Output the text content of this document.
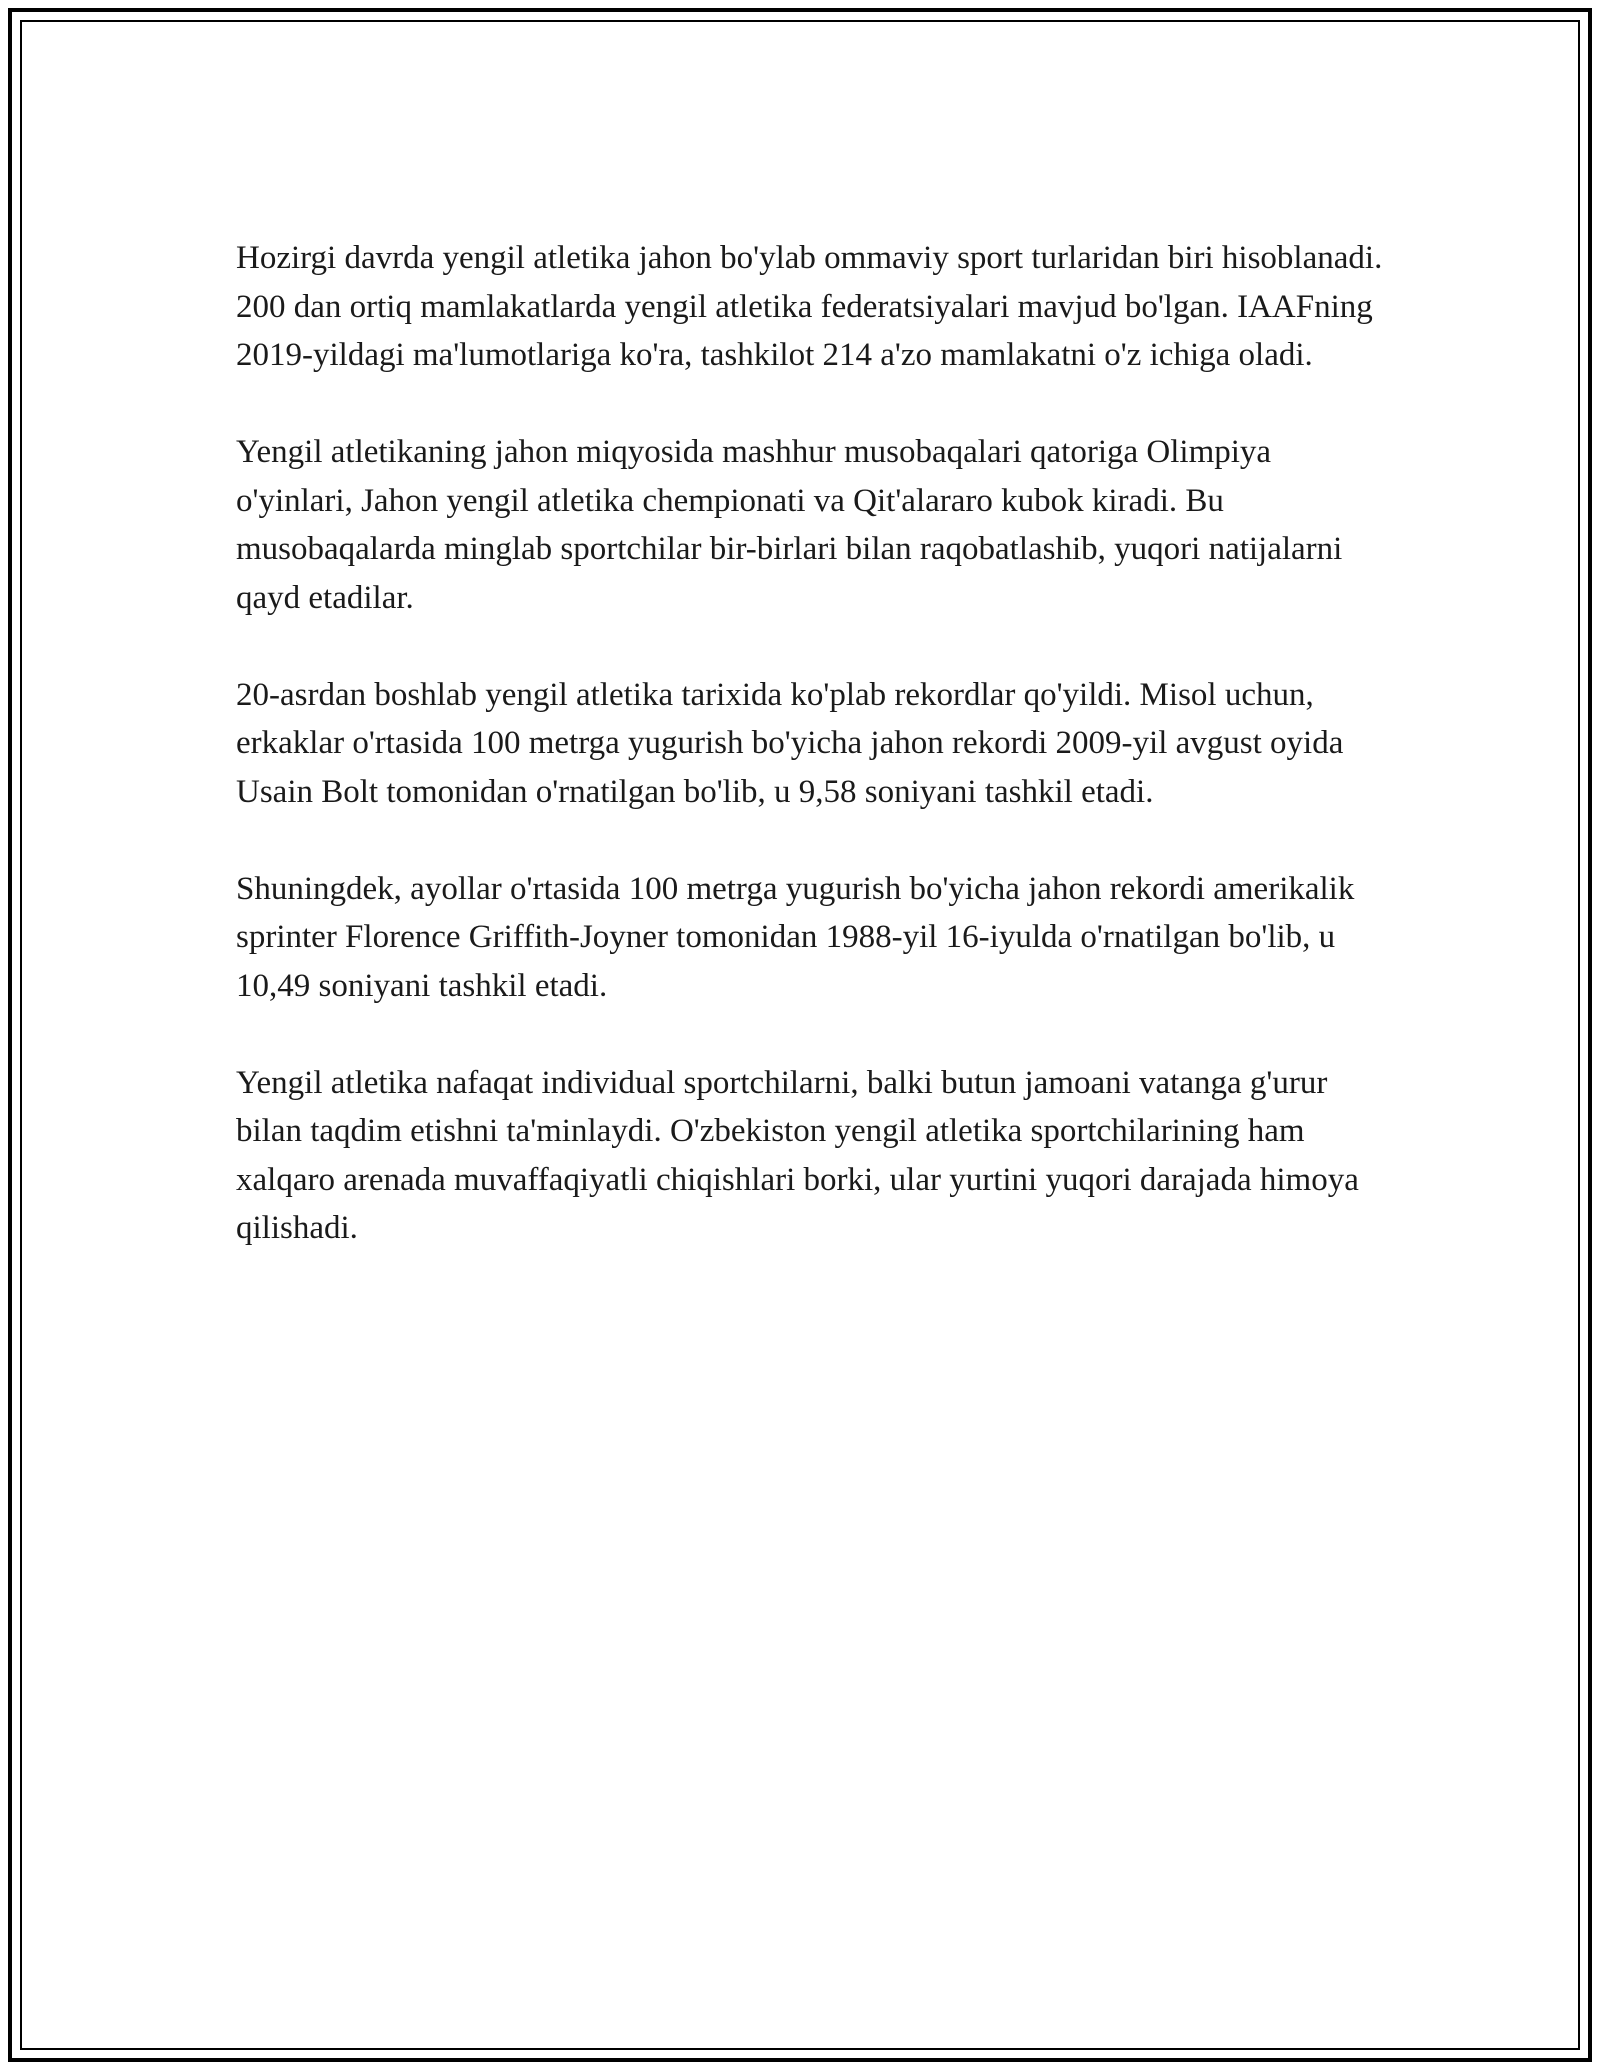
Hozirgi davrda yengil atletika jahon bo'ylab ommaviy sport turlaridan biri hisoblanadi. 200 dan ortiq mamlakatlarda yengil atletika federatsiyalari mavjud bo'lgan. IAAFning 2019-yildagi ma'lumotlariga ko'ra, tashkilot 214 a'zo mamlakatni o'z ichiga oladi.

Yengil atletikaning jahon miqyosida mashhur musobaqalari qatoriga Olimpiya o'yinlari, Jahon yengil atletika chempionati va Qit'alararo kubok kiradi. Bu musobaqalarda minglab sportchilar bir-birlari bilan raqobatlashib, yuqori natijalarni qayd etadilar.

20-asrdan boshlab yengil atletika tarixida ko'plab rekordlar qo'yildi. Misol uchun, erkaklar o'rtasida 100 metrga yugurish bo'yicha jahon rekordi 2009-yil avgust oyida Usain Bolt tomonidan o'rnatilgan bo'lib, u 9,58 soniyani tashkil etadi.

Shuningdek, ayollar o'rtasida 100 metrga yugurish bo'yicha jahon rekordi amerikalik sprinter Florence Griffith-Joyner tomonidan 1988-yil 16-iyulda o'rnatilgan bo'lib, u 10,49 soniyani tashkil etadi.

Yengil atletika nafaqat individual sportchilarni, balki butun jamoani vatanga g'urur bilan taqdim etishni ta'minlaydi. O'zbekiston yengil atletika sportchilarining ham xalqaro arenada muvaffaqiyatli chiqishlari borki, ular yurtini yuqori darajada himoya qilishadi.
